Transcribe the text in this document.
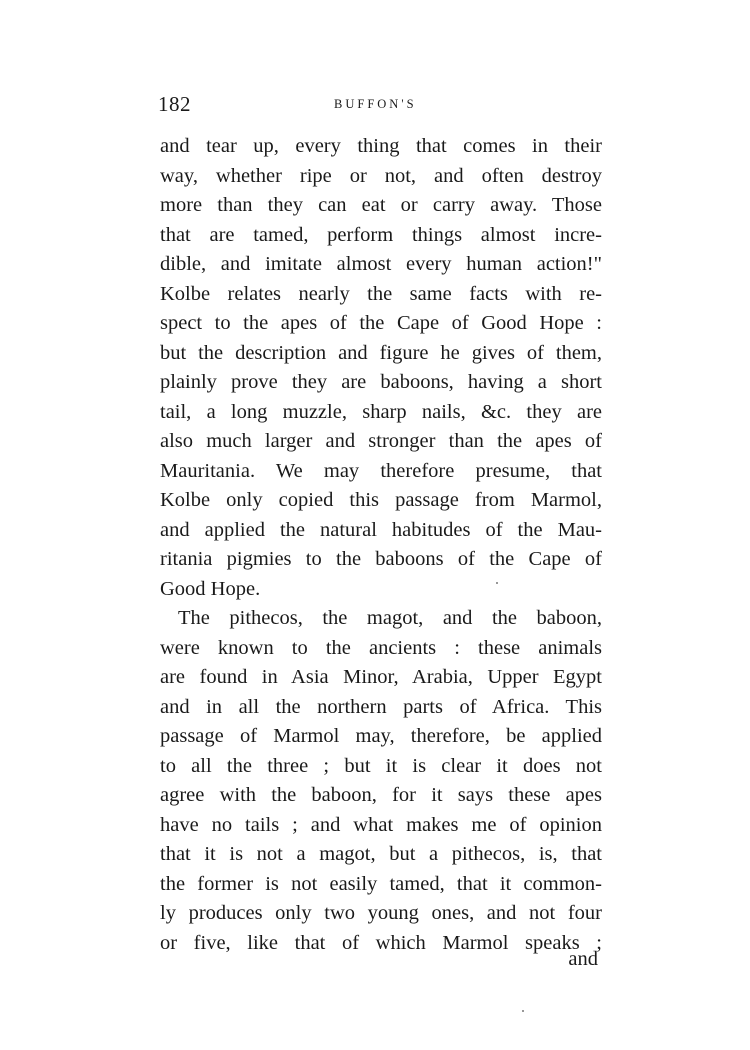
182	BUFFON'S
and tear up, every thing that comes in their
way, whether ripe or not, and often destroy
more than they can eat or carry away. Those
that are tamed, perform things almost incre-
dible, and imitate almost every human action!"
Kolbe relates nearly the same facts with re-
spect to the apes of the Cape of Good Hope :
but the description and figure he gives of them,
plainly prove they are baboons, having a short
tail, a long muzzle, sharp nails, &c. they are
also much larger and stronger than the apes of
Mauritania. We may therefore presume, that
Kolbe only copied this passage from Marmol,
and applied the natural habitudes of the Mau-
ritania pigmies to the baboons of the Cape of
Good Hope.
The pithecos, the magot, and the baboon,
were known to the ancients : these animals
are found in Asia Minor, Arabia, Upper Egypt
and in all the northern parts of Africa. This
passage of Marmol may, therefore, be applied
to all the three ; but it is clear it does not
agree with the baboon, for it says these apes
have no tails ; and what makes me of opinion
that it is not a magot, but a pithecos, is, that
the former is not easily tamed, that it common-
ly produces only two young ones, and not four
or five, like that of which Marmol speaks ;
and
